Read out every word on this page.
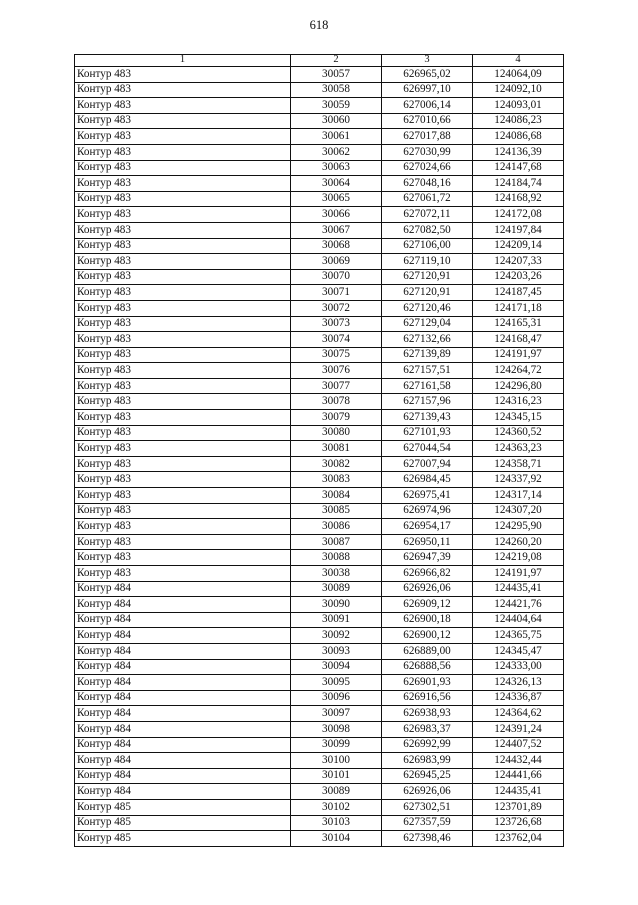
618
1	2	3	4
Контур 483	30057	626965,02	124064,09
Контур 483	30058	626997,10	124092,10
Контур 483	30059	627006,14	124093,01
Контур 483	30060	627010,66	124086,23
Контур 483	30061	627017,88	124086,68
Контур 483	30062	627030,99	124136,39
Контур 483	30063	627024,66	124147,68
Контур 483	30064	627048,16	124184,74
Контур 483	30065	627061,72	124168,92
Контур 483	30066	627072,11	124172,08
Контур 483	30067	627082,50	124197,84
Контур 483	30068	627106,00	124209,14
Контур 483	30069	627119,10	124207,33
Контур 483	30070	627120,91	124203,26
Контур 483	30071	627120,91	124187,45
Контур 483	30072	627120,46	124171,18
Контур 483	30073	627129,04	124165,31
Контур 483	30074	627132,66	124168,47
Контур 483	30075	627139,89	124191,97
Контур 483	30076	627157,51	124264,72
Контур 483	30077	627161,58	124296,80
Контур 483	30078	627157,96	124316,23
Контур 483	30079	627139,43	124345,15
Контур 483	30080	627101,93	124360,52
Контур 483	30081	627044,54	124363,23
Контур 483	30082	627007,94	124358,71
Контур 483	30083	626984,45	124337,92
Контур 483	30084	626975,41	124317,14
Контур 483	30085	626974,96	124307,20
Контур 483	30086	626954,17	124295,90
Контур 483	30087	626950,11	124260,20
Контур 483	30088	626947,39	124219,08
Контур 483	30038	626966,82	124191,97
Контур 484	30089	626926,06	124435,41
Контур 484	30090	626909,12	124421,76
Контур 484	30091	626900,18	124404,64
Контур 484	30092	626900,12	124365,75
Контур 484	30093	626889,00	124345,47
Контур 484	30094	626888,56	124333,00
Контур 484	30095	626901,93	124326,13
Контур 484	30096	626916,56	124336,87
Контур 484	30097	626938,93	124364,62
Контур 484	30098	626983,37	124391,24
Контур 484	30099	626992,99	124407,52
Контур 484	30100	626983,99	124432,44
Контур 484	30101	626945,25	124441,66
Контур 484	30089	626926,06	124435,41
Контур 485	30102	627302,51	123701,89
Контур 485	30103	627357,59	123726,68
Контур 485	30104	627398,46	123762,04
